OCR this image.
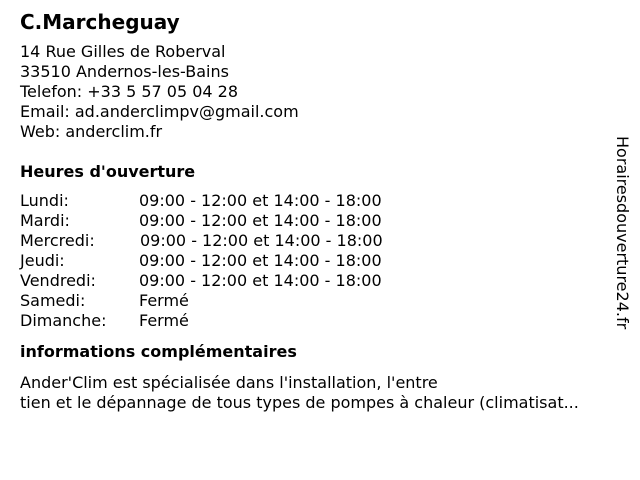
C.Marcheguay
14 Rue Gilles de Roberval
33510 Andernos-les-Bains
Telefon: +33 5 57 05 04 28
Email: ad.anderclimpv@gmail.com
Web: anderclim.fr
Heures d'ouverture
Lundi:	09:00 - 12:00 et 14:00 - 18:00
Mardi:	09:00 - 12:00 et 14:00 - 18:00
Mercredi:	09:00 - 12:00 et 14:00 - 18:00
Jeudi:	09:00 - 12:00 et 14:00 - 18:00
Vendredi:	09:00 - 12:00 et 14:00 - 18:00
Samedi:	Fermé
Dimanche: Fermé
informations complémentaires
Ander'Clim est spécialisée dans l'installation, l'entre
tien et le dépannage de tous types de pompes à chaleur (climatisat...
Horairesdouverture24.fr
